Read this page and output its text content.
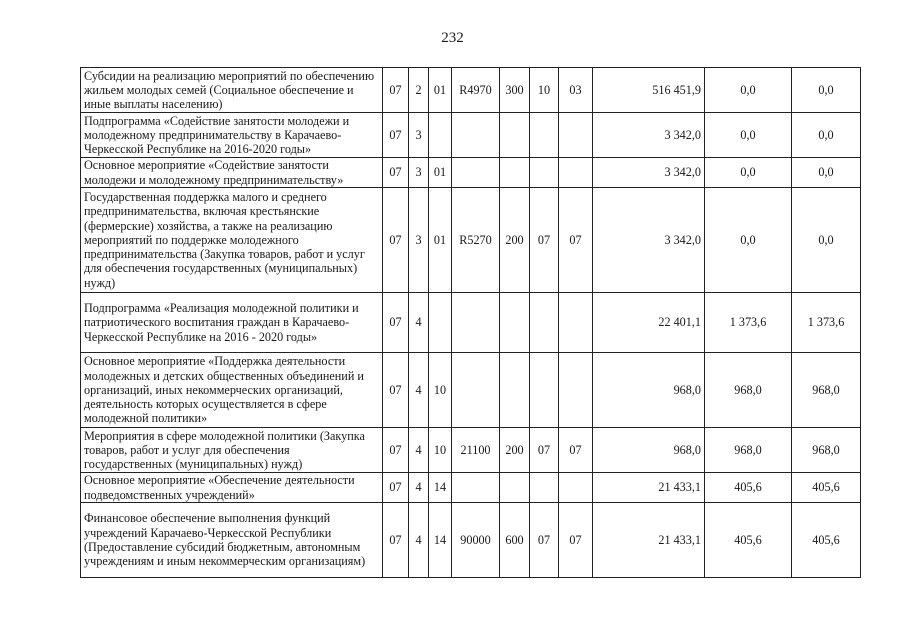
232
Субсидии на реализацию мероприятий по обеспечению жильем молодых семей (Социальное обеспечение и иные выплаты населению)	07	2	01	R4970	300	10	03	516 451,9	0,0	0,0
Подпрограмма «Содействие занятости молодежи и молодежному предпринимательству в Карачаево-Черкесской Республике на 2016-2020 годы»	07	3						3 342,0	0,0	0,0
Основное мероприятие «Содействие занятости молодежи и молодежному предпринимательству»	07	3	01					3 342,0	0,0	0,0
Государственная поддержка малого и среднего предпринимательства, включая крестьянские (фермерские) хозяйства, а также на реализацию мероприятий по поддержке молодежного предпринимательства (Закупка товаров, работ и услуг для обеспечения государственных (муниципальных) нужд)	07	3	01	R5270	200	07	07	3 342,0	0,0	0,0
Подпрограмма «Реализация молодежной политики и патриотического воспитания граждан в Карачаево-Черкесской Республике на 2016 - 2020 годы»	07	4						22 401,1	1 373,6	1 373,6
Основное мероприятие «Поддержка деятельности молодежных и детских общественных объединений и организаций, иных некоммерческих организаций, деятельность которых осуществляется в сфере молодежной политики»	07	4	10					968,0	968,0	968,0
Мероприятия в сфере молодежной политики (Закупка товаров, работ и услуг для обеспечения государственных (муниципальных) нужд)	07	4	10	21100	200	07	07	968,0	968,0	968,0
Основное мероприятие «Обеспечение деятельности подведомственных учреждений»	07	4	14					21 433,1	405,6	405,6
Финансовое обеспечение выполнения функций учреждений Карачаево-Черкесской Республики (Предоставление субсидий бюджетным, автономным учреждениям и иным некоммерческим организациям)	07	4	14	90000	600	07	07	21 433,1	405,6	405,6
